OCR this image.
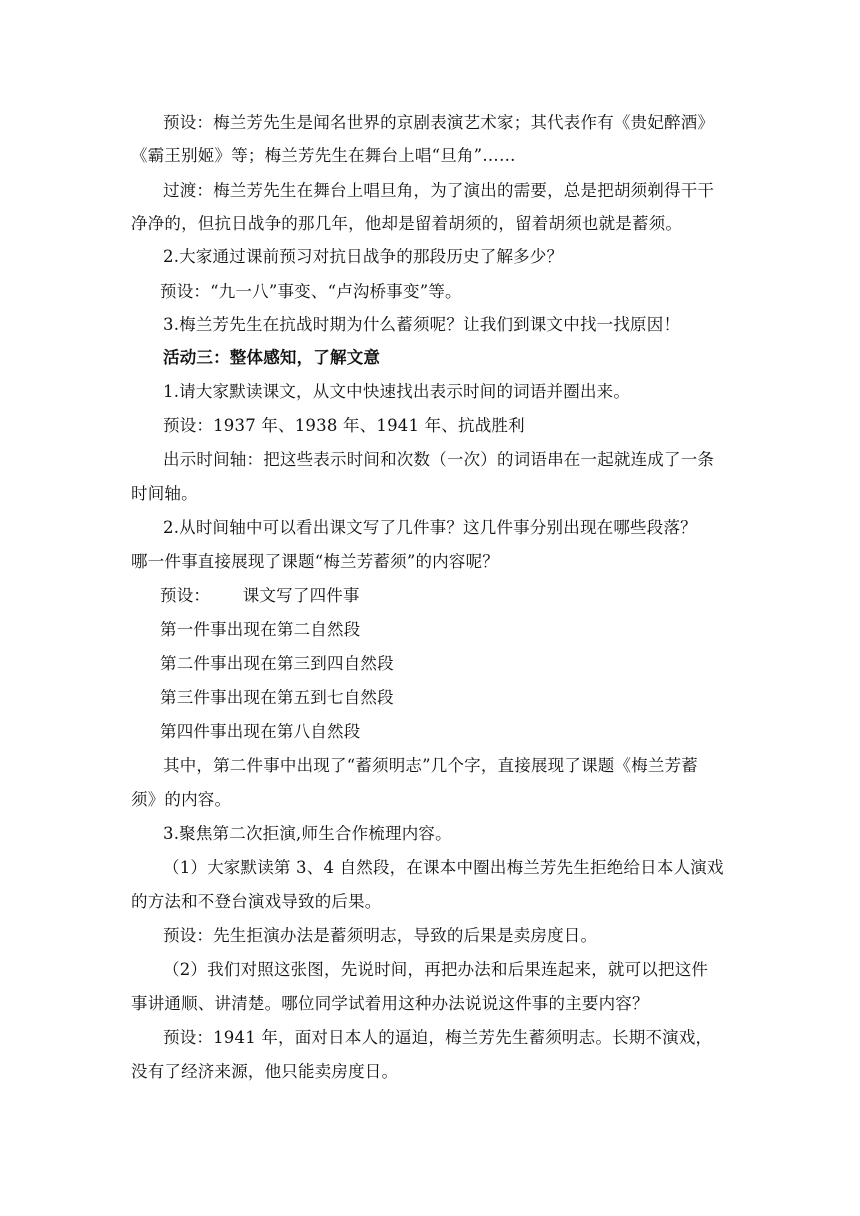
预设：梅兰芳先生是闻名世界的京剧表演艺术家；其代表作有《贵妃醉酒》
《霸王别姬》等；梅兰芳先生在舞台上唱“旦角”……
过渡：梅兰芳先生在舞台上唱旦角，为了演出的需要，总是把胡须剃得干干
净净的，但抗日战争的那几年，他却是留着胡须的，留着胡须也就是蓄须。
2.大家通过课前预习对抗日战争的那段历史了解多少？
预设：“九一八”事变、“卢沟桥事变”等。
3.梅兰芳先生在抗战时期为什么蓄须呢？让我们到课文中找一找原因！
活动三：整体感知，了解文意
1.请大家默读课文，从文中快速找出表示时间的词语并圈出来。
预设：1937 年、1938 年、1941 年、抗战胜利
出示时间轴：把这些表示时间和次数（一次）的词语串在一起就连成了一条
时间轴。
2.从时间轴中可以看出课文写了几件事？这几件事分别出现在哪些段落？
哪一件事直接展现了课题“梅兰芳蓄须”的内容呢？
预设：      课文写了四件事
第一件事出现在第二自然段
第二件事出现在第三到四自然段
第三件事出现在第五到七自然段
第四件事出现在第八自然段
其中，第二件事中出现了“蓄须明志”几个字，直接展现了课题《梅兰芳蓄
须》的内容。
3.聚焦第二次拒演,师生合作梳理内容。
（1）大家默读第 3、4 自然段，在课本中圈出梅兰芳先生拒绝给日本人演戏
的方法和不登台演戏导致的后果。
预设：先生拒演办法是蓄须明志，导致的后果是卖房度日。
（2）我们对照这张图，先说时间，再把办法和后果连起来，就可以把这件
事讲通顺、讲清楚。哪位同学试着用这种办法说说这件事的主要内容？
预设：1941 年，面对日本人的逼迫，梅兰芳先生蓄须明志。长期不演戏，
没有了经济来源，他只能卖房度日。
